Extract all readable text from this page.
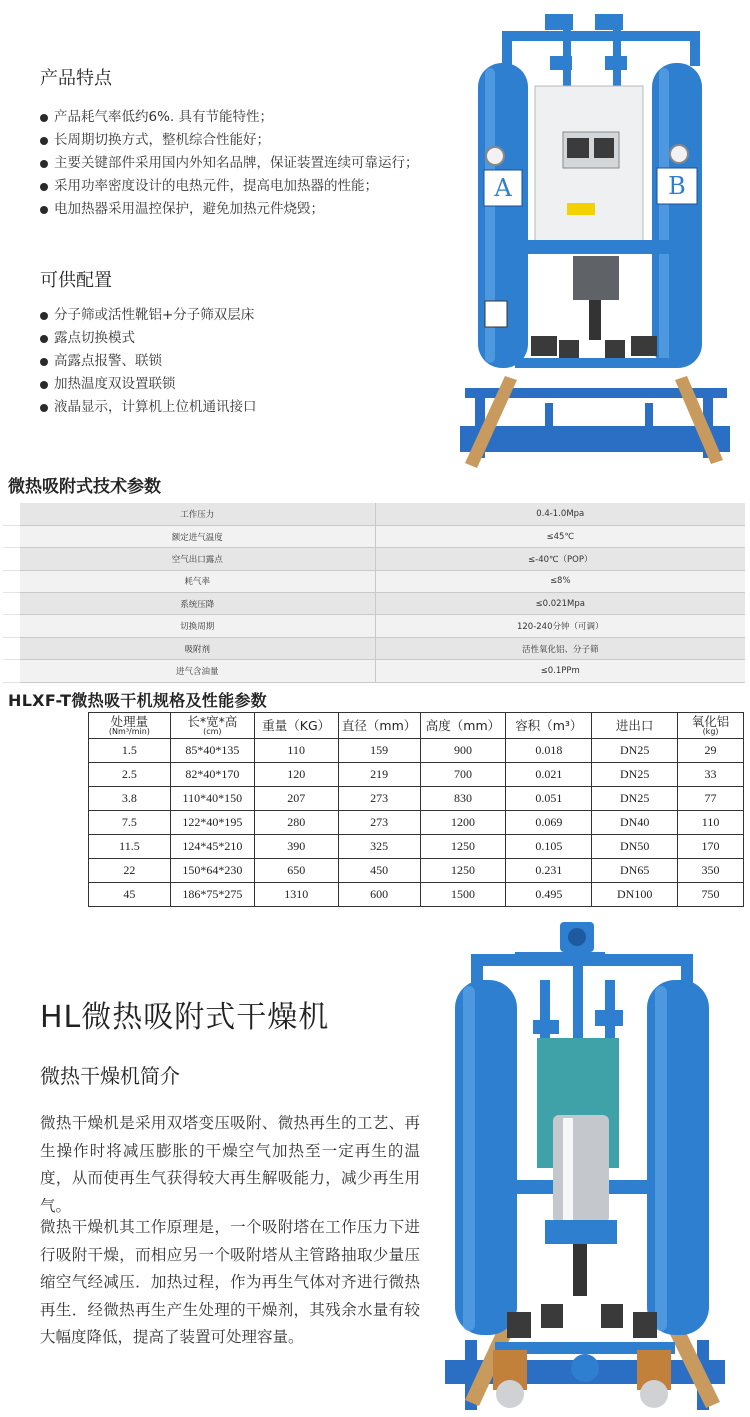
产品特点
产品耗气率低约6%. 具有节能特性；
长周期切换方式，整机综合性能好；
主要关键部件采用国内外知名品牌，保证装置连续可靠运行；
采用功率密度设计的电热元件，提高电加热器的性能；
电加热器采用温控保护，避免加热元件烧毁；
可供配置
分子筛或活性靴铝+分子筛双层床
露点切换模式
高露点报警、联锁
加热温度双设置联锁
液晶显示，计算机上位机通讯接口
A	B
微热吸附式技术参数
	工作压力	0.4-1.0Mpa
	额定进气温度	≤45℃
	空气出口露点	≤-40℃（POP）
	耗气率	≤8%
	系统压降	≤0.021Mpa
	切换周期	120-240分钟（可调）
	吸附剂	活性氧化铝、分子筛
	进气含油量	≤0.1PPm
HLXF-T微热吸干机规格及性能参数
处理量
(Nm³/min)	长*宽*高
(cm)	重量（KG）	直径（mm）	高度（mm）	容积（m³）	进出口	氧化铝
(kg)

1.5	85*40*135	110	159	900	0.018	DN25	29
2.5	82*40*170	120	219	700	0.021	DN25	33
3.8	110*40*150	207	273	830	0.051	DN25	77
7.5	122*40*195	280	273	1200	0.069	DN40	110
11.5	124*45*210	390	325	1250	0.105	DN50	170
22	150*64*230	650	450	1250	0.231	DN65	350
45	186*75*275	1310	600	1500	0.495	DN100	750
HL微热吸附式干燥机
微热干燥机简介

微热干燥机是采用双塔变压吸附、微热再生的工艺、再生操作时将减压膨胀的干燥空气加热至一定再生的温度，从而使再生气获得较大再生解吸能力，减少再生用气。

微热干燥机其工作原理是，一个吸附塔在工作压力下进行吸附干燥，而相应另一个吸附塔从主管路抽取少量压缩空气经减压．加热过程，作为再生气体对齐进行微热再生．经微热再生产生处理的干燥剂，其残余水量有较大幅度降低，提高了装置可处理容量。
